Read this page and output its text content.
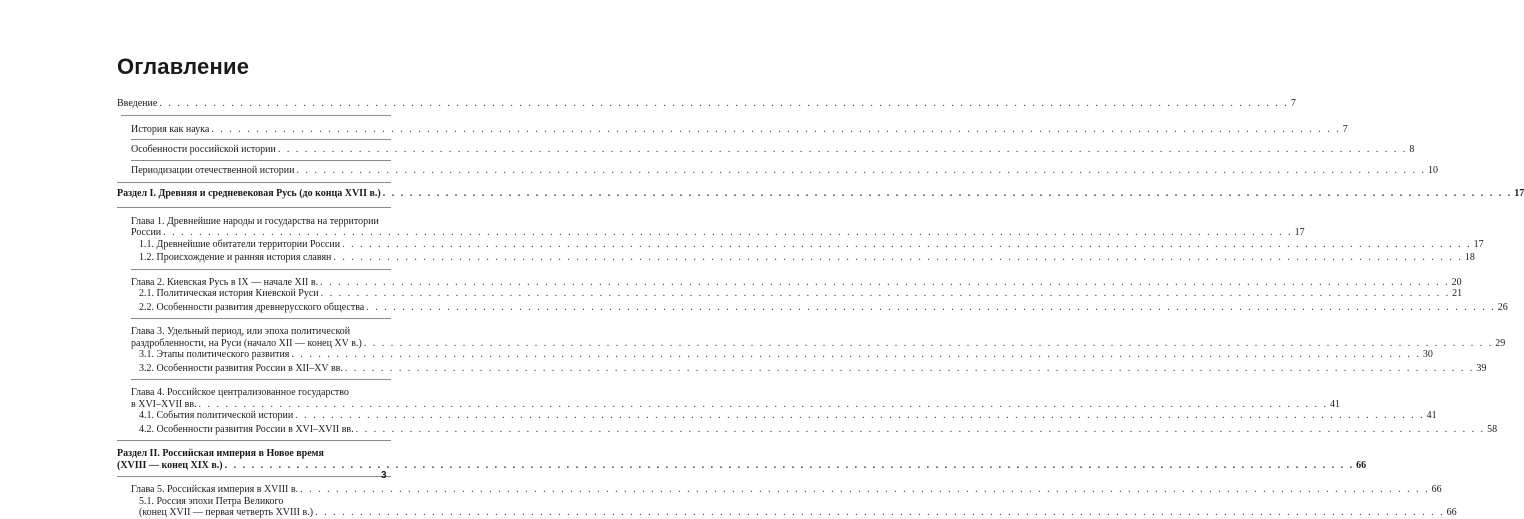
Оглавление
Введение . . .	7
История как наука . . .	7
Особенности российской истории . . .	8
Периодизации отечественной истории . . .	10
Раздел I. Древняя и средневековая Русь (до конца XVII в.) . . .	17
Глава 1. Древнейшие народы и государства на территории
России . . .	17
1.1. Древнейшие обитатели территории России . . .	17
1.2. Происхождение и ранняя история славян . . .	18
Глава 2. Киевская Русь в IX — начале XII в. . . .	20
2.1. Политическая история Киевской Руси . . .	21
2.2. Особенности развития древнерусского общества . . .	26
Глава 3. Удельный период, или эпоха политической
раздробленности, на Руси (начало XII — конец XV в.) . . .	29
3.1. Этапы политического развития . . .	30
3.2. Особенности развития России в XII–XV вв. . . .	39
Глава 4. Российское централизованное государство
в XVI–XVII вв. . . .	41
4.1. События политической истории . . .	41
4.2. Особенности развития России в XVI–XVII вв. . . .	58
Раздел II. Российская империя в Новое время
(XVIII — конец XIX в.) . . .	66
Глава 5. Российская империя в XVIII в. . . .	66
5.1. Россия эпохи Петра Великого
(конец XVII — первая четверть XVIII в.) . . .	66
3
